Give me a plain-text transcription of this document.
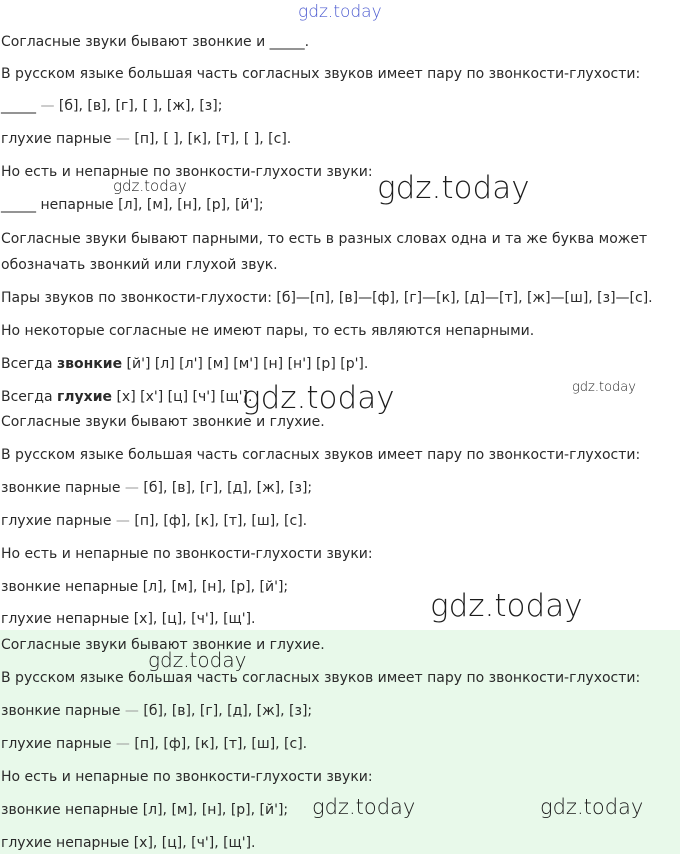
Согласные звуки бывают звонкие и _____.
В русском языке большая часть согласных звуков имеет пару по звонкости-глухости:
_____ — [б], [в], [г], [ ], [ж], [з];
глухие парные — [п], [ ], [к], [т], [ ], [с].
Но есть и непарные по звонкости-глухости звуки:
_____ непарные [л], [м], [н], [р], [й'];
Согласные звуки бывают парными, то есть в разных словах одна и та же буква может
обозначать звонкий или глухой звук.
Пары звуков по звонкости-глухости: [б]—[п], [в]—[ф], [г]—[к], [д]—[т], [ж]—[ш], [з]—[с].
Но некоторые согласные не имеют пары, то есть являются непарными.
Всегда звонкие [й'] [л] [л'] [м] [м'] [н] [н'] [р] [р'].
Всегда глухие [х] [х'] [ц] [ч'] [щ'].
Согласные звуки бывают звонкие и глухие.
В русском языке большая часть согласных звуков имеет пару по звонкости-глухости:
звонкие парные — [б], [в], [г], [д], [ж], [з];
глухие парные — [п], [ф], [к], [т], [ш], [с].
Но есть и непарные по звонкости-глухости звуки:
звонкие непарные [л], [м], [н], [р], [й'];
глухие непарные [х], [ц], [ч'], [щ'].
Согласные звуки бывают звонкие и глухие.
В русском языке большая часть согласных звуков имеет пару по звонкости-глухости:
звонкие парные — [б], [в], [г], [д], [ж], [з];
глухие парные — [п], [ф], [к], [т], [ш], [с].
Но есть и непарные по звонкости-глухости звуки:
звонкие непарные [л], [м], [н], [р], [й'];
глухие непарные [х], [ц], [ч'], [щ'].
gdz.today
gdz.today	gdz.today
gdz.today	gdz.today
gdz.today
gdz.today
gdz.today	gdz.today
